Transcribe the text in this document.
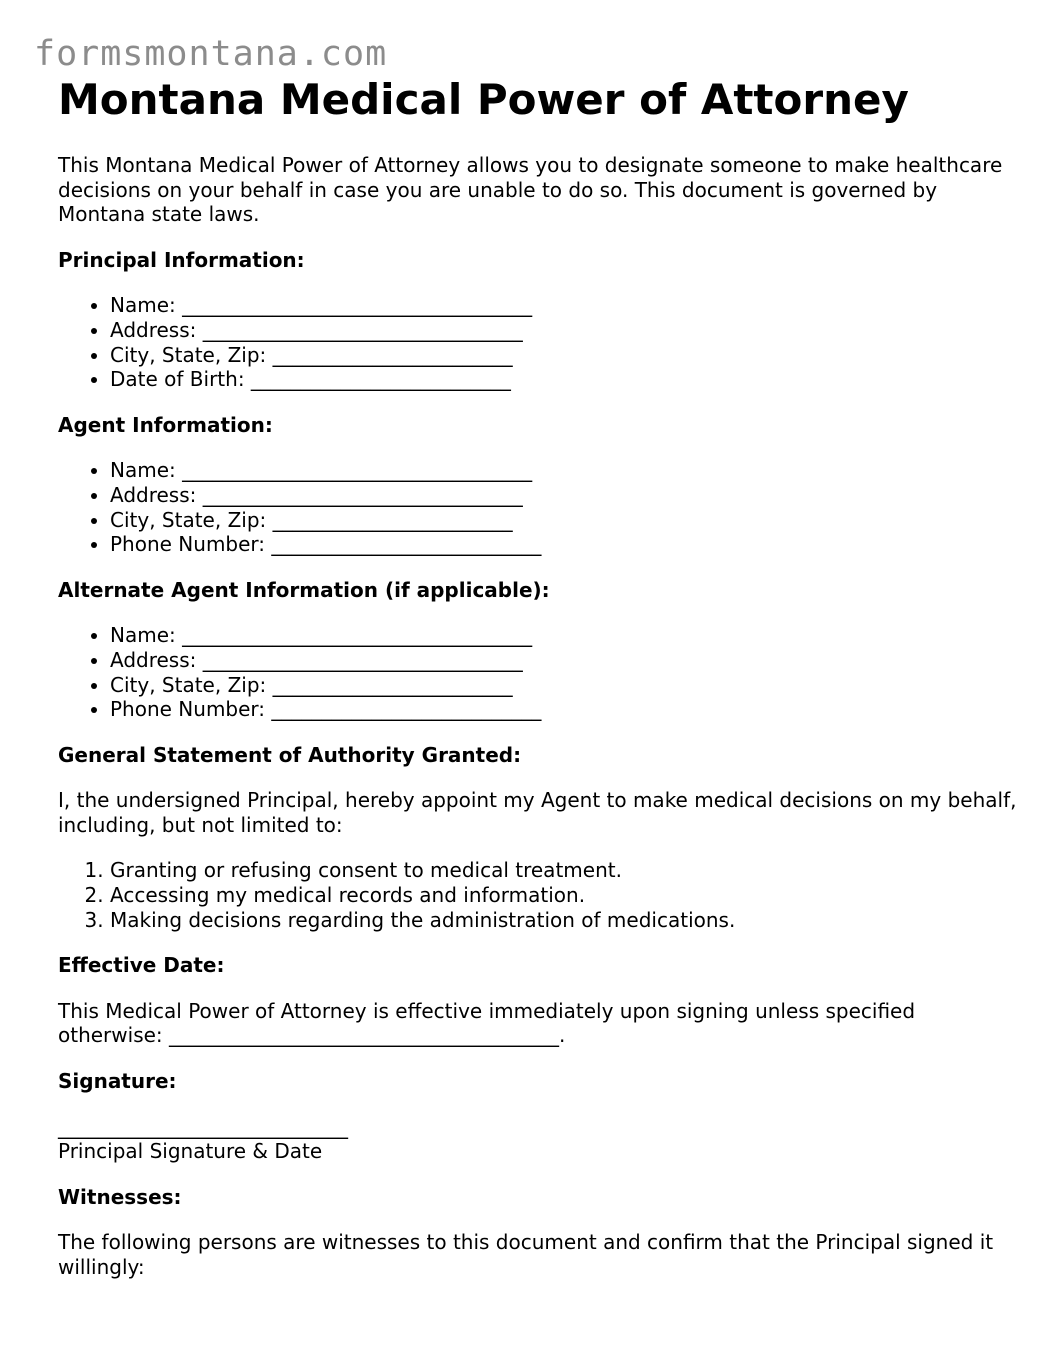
formsmontana.com
Montana Medical Power of Attorney

This Montana Medical Power of Attorney allows you to designate someone to make healthcare decisions on your behalf in case you are unable to do so. This document is governed by Montana state laws.

Principal Information:
• Name: ___________________________________
• Address: ________________________________
• City, State, Zip: ________________________
• Date of Birth: __________________________
Agent Information:
• Name: ___________________________________
• Address: ________________________________
• City, State, Zip: ________________________
• Phone Number: ___________________________
Alternate Agent Information (if applicable):
• Name: ___________________________________
• Address: ________________________________
• City, State, Zip: ________________________
• Phone Number: ___________________________
General Statement of Authority Granted:

I, the undersigned Principal, hereby appoint my Agent to make medical decisions on my behalf, including, but not limited to:

1. Granting or refusing consent to medical treatment.
2. Accessing my medical records and information.
3. Making decisions regarding the administration of medications.
Effective Date:

This Medical Power of Attorney is effective immediately upon signing unless specified otherwise: _______________________________________.

Signature:

_____________________________

Principal Signature & Date

Witnesses:

The following persons are witnesses to this document and confirm that the Principal signed it willingly:
